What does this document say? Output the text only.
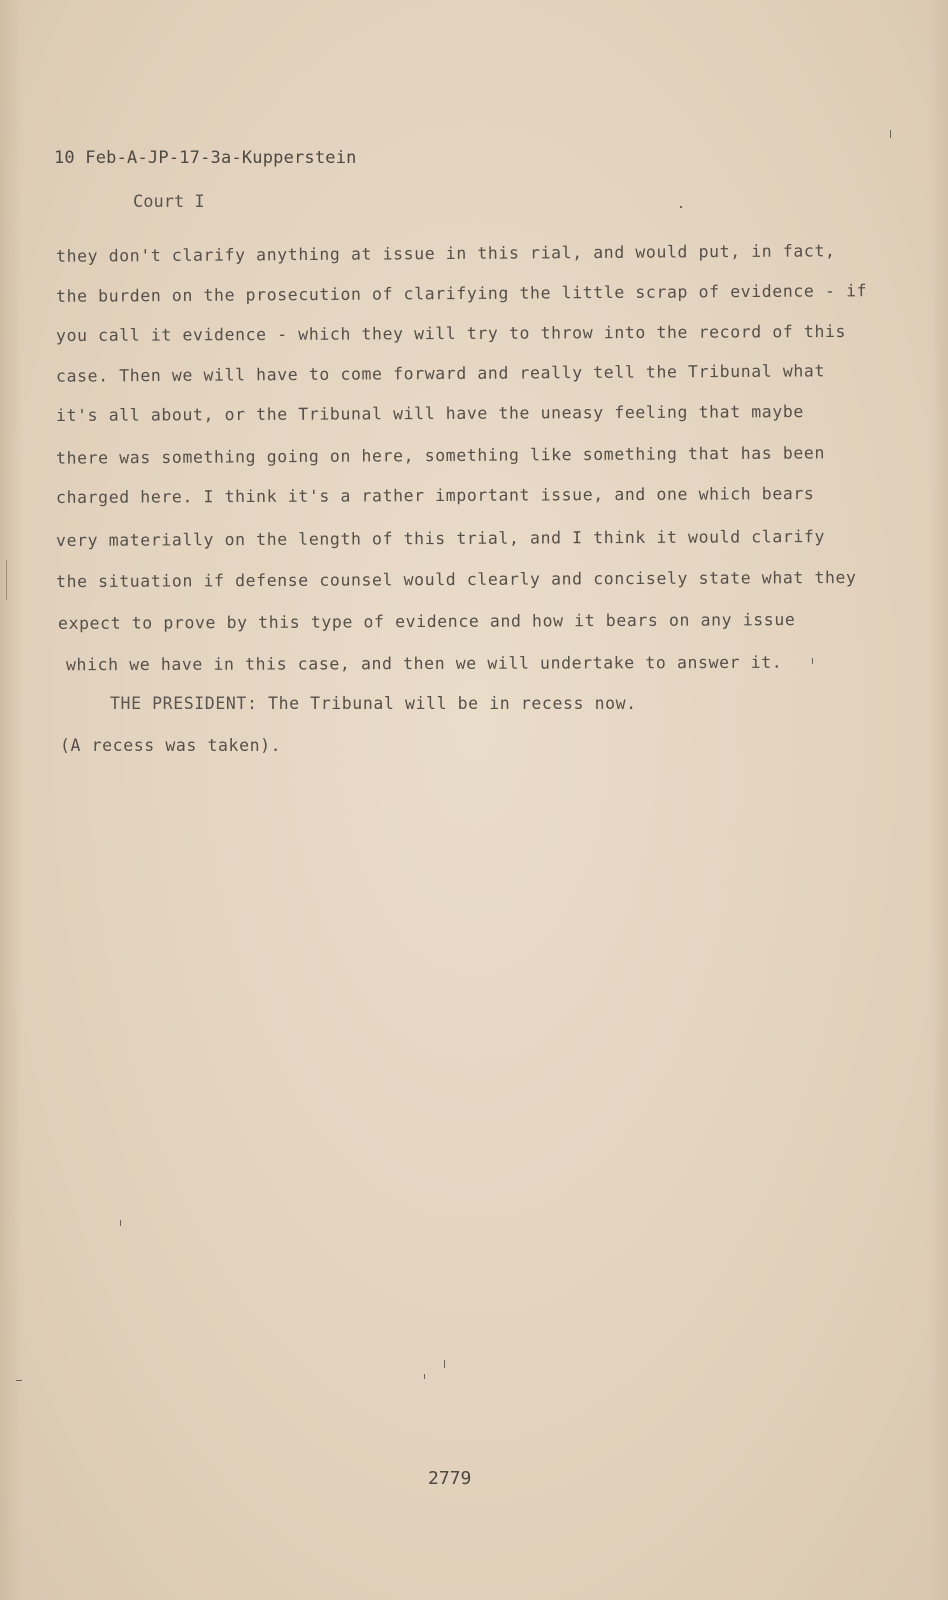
10 Feb-A-JP-17-3a-Kupperstein
Court I
they don't clarify anything at issue in this rial, and would put, in fact,
the burden on the prosecution of clarifying the little scrap of evidence - if
you call it evidence - which they will try to throw into the record of this
case. Then we will have to come forward and really tell the Tribunal what
it's all about, or the Tribunal will have the uneasy feeling that maybe
there was something going on here, something like something that has been
charged here. I think it's a rather important issue, and one which bears
very materially on the length of this trial, and I think it would clarify
the situation if defense counsel would clearly and concisely state what they
expect to prove by this type of evidence and how it bears on any issue
which we have in this case, and then we will undertake to answer it.
THE PRESIDENT: The Tribunal will be in recess now.
(A recess was taken).
2779
